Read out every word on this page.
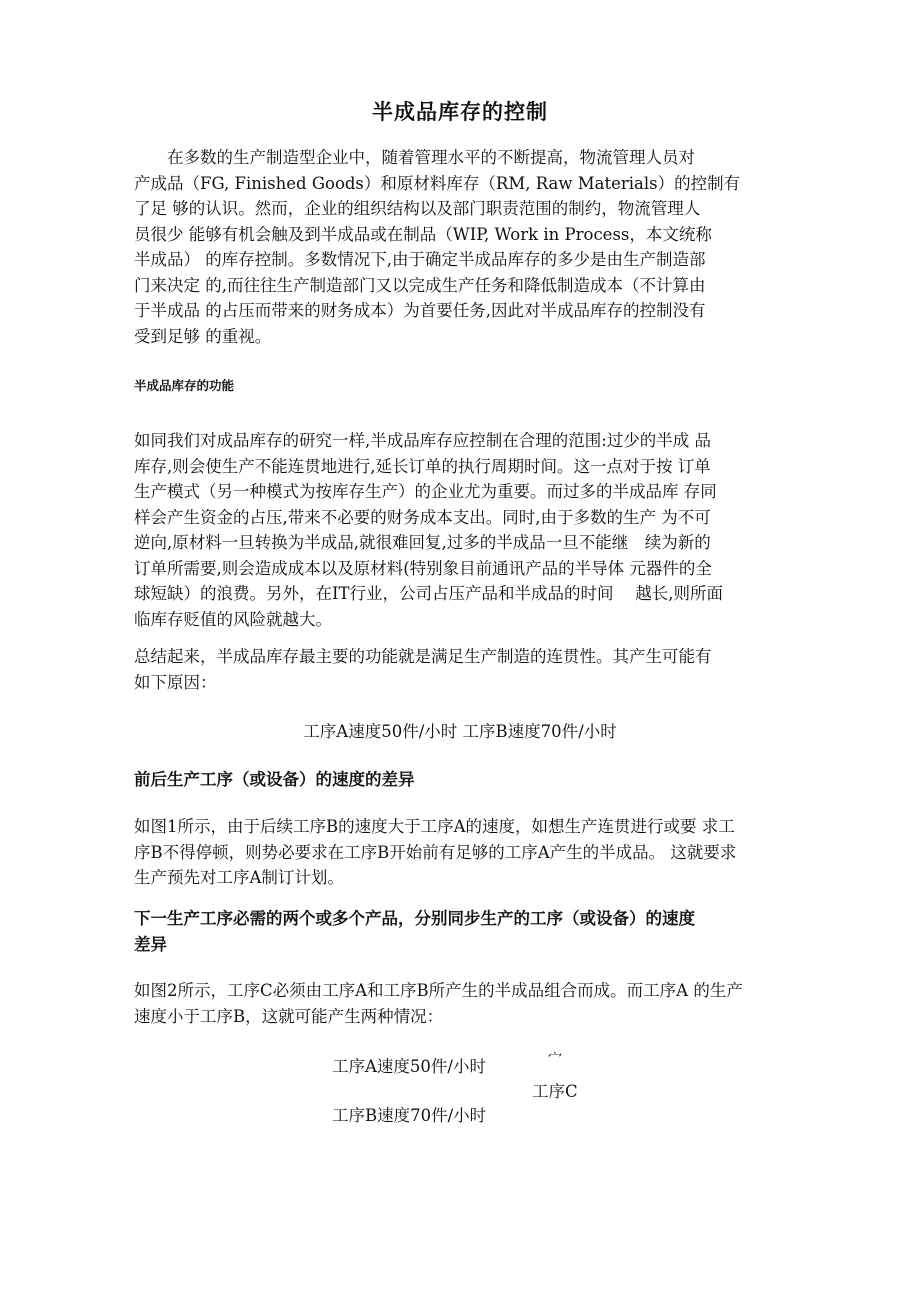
半成品库存的控制
　　在多数的生产制造型企业中，随着管理水平的不断提高，物流管理人员对
产成品（FG, Finished Goods）和原材料库存（RM, Raw Materials）的控制有
了足 够的认识。然而，企业的组织结构以及部门职责范围的制约，物流管理人
员很少 能够有机会触及到半成品或在制品（WIP, Work in Process，本文统称
半成品） 的库存控制。多数情况下,由于确定半成品库存的多少是由生产制造部
门来决定 的,而往往生产制造部门又以完成生产任务和降低制造成本（不计算由
于半成品 的占压而带来的财务成本）为首要任务,因此对半成品库存的控制没有
受到足够 的重视。
半成品库存的功能
如同我们对成品库存的研究一样,半成品库存应控制在合理的范围:过少的半成 品
库存,则会使生产不能连贯地进行,延长订单的执行周期时间。这一点对于按 订单
生产模式（另一种模式为按库存生产）的企业尤为重要。而过多的半成品库 存同
样会产生资金的占压,带来不必要的财务成本支出。同时,由于多数的生产 为不可
逆向,原材料一旦转换为半成品,就很难回复,过多的半成品一旦不能继　续为新的
订单所需要,则会造成成本以及原材料(特别象目前通讯产品的半导体 元器件的全
球短缺）的浪费。另外，在IT行业，公司占压产品和半成品的时间　 越长,则所面
临库存贬值的风险就越大。
总结起来，半成品库存最主要的功能就是满足生产制造的连贯性。其产生可能有
如下原因：
工序A速度50件/小时 工序B速度70件/小时
前后生产工序（或设备）的速度的差异
如图1所示，由于后续工序B的速度大于工序A的速度，如想生产连贯进行或要 求工
序B不得停顿，则势必要求在工序B开始前有足够的工序A产生的半成品。 这就要求
生产预先对工序A制订计划。
下一生产工序必需的两个或多个产品，分别同步生产的工序（或设备）的速度
差异
如图2所示，工序C必须由工序A和工序B所产生的半成品组合而成。而工序A 的生产
速度小于工序B，这就可能产生两种情况：
工序A速度50件/小时	宀
工序C
工序B速度70件/小时
